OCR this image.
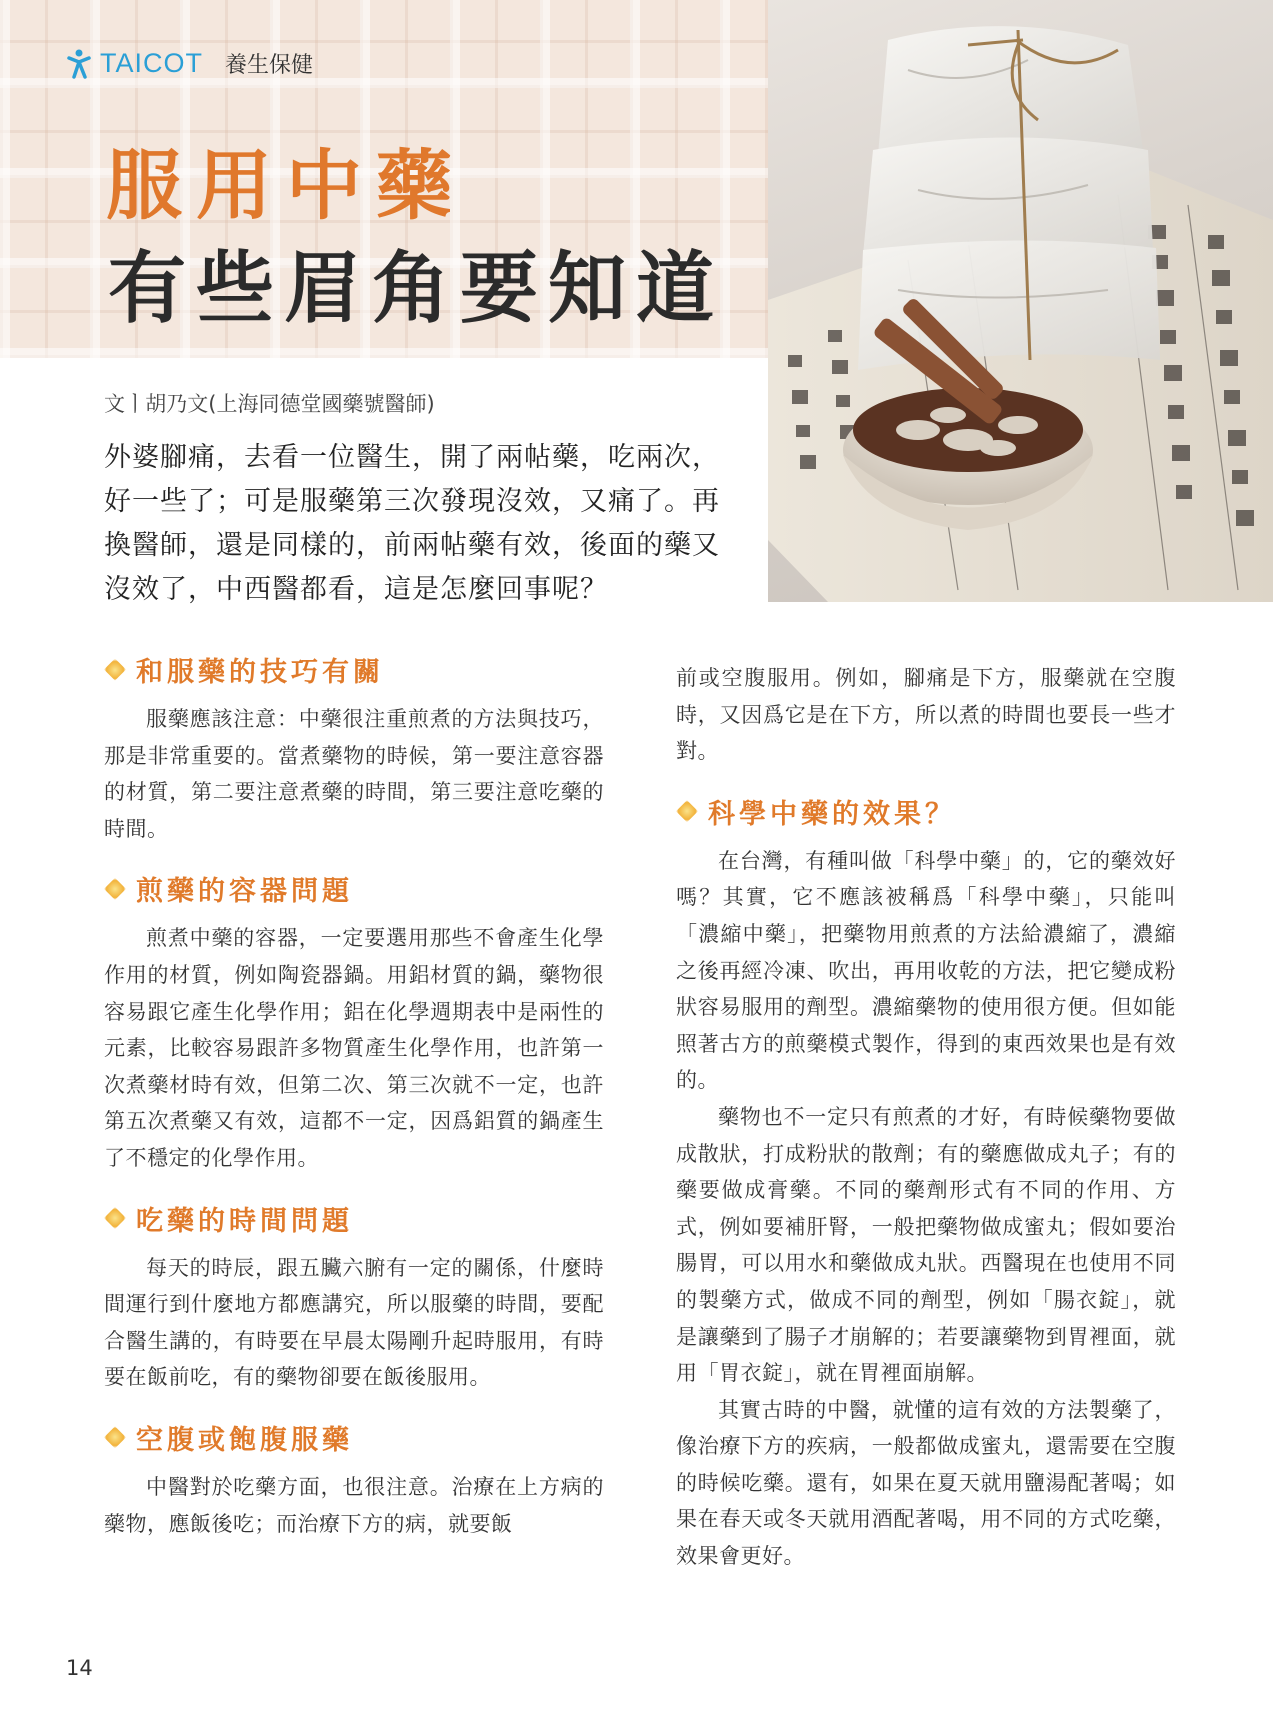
TAICOT 養生保健
服用中藥
有些眉角要知道
文ㅣ胡乃文(上海同德堂國藥號醫師)
外婆腳痛，去看一位醫生，開了兩帖藥，吃兩次，好一些了；可是服藥第三次發現沒效，又痛了。再換醫師，還是同樣的，前兩帖藥有效，後面的藥又沒效了，中西醫都看，這是怎麼回事呢？
和服藥的技巧有關

服藥應該注意：中藥很注重煎煮的方法與技巧，那是非常重要的。當煮藥物的時候，第一要注意容器的材質，第二要注意煮藥的時間，第三要注意吃藥的時間。

煎藥的容器問題

煎煮中藥的容器，一定要選用那些不會產生化學作用的材質，例如陶瓷器鍋。用鋁材質的鍋，藥物很容易跟它產生化學作用；鋁在化學週期表中是兩性的元素，比較容易跟許多物質產生化學作用，也許第一次煮藥材時有效，但第二次、第三次就不一定，也許第五次煮藥又有效，這都不一定，因爲鋁質的鍋產生了不穩定的化學作用。

吃藥的時間問題

每天的時辰，跟五臟六腑有一定的關係，什麼時間運行到什麼地方都應講究，所以服藥的時間，要配合醫生講的，有時要在早晨太陽剛升起時服用，有時要在飯前吃，有的藥物卻要在飯後服用。

空腹或飽腹服藥

中醫對於吃藥方面，也很注意。治療在上方病的藥物，應飯後吃；而治療下方的病，就要飯

前或空腹服用。例如，腳痛是下方，服藥就在空腹時，又因爲它是在下方，所以煮的時間也要長一些才對。

科學中藥的效果？

在台灣，有種叫做「科學中藥」的，它的藥效好嗎？其實，它不應該被稱爲「科學中藥」，只能叫「濃縮中藥」，把藥物用煎煮的方法給濃縮了，濃縮之後再經冷凍、吹出，再用收乾的方法，把它變成粉狀容易服用的劑型。濃縮藥物的使用很方便。但如能照著古方的煎藥模式製作，得到的東西效果也是有效的。

藥物也不一定只有煎煮的才好，有時候藥物要做成散狀，打成粉狀的散劑；有的藥應做成丸子；有的藥要做成膏藥。不同的藥劑形式有不同的作用、方式，例如要補肝腎，一般把藥物做成蜜丸；假如要治腸胃，可以用水和藥做成丸狀。西醫現在也使用不同的製藥方式，做成不同的劑型，例如「腸衣錠」，就是讓藥到了腸子才崩解的；若要讓藥物到胃裡面，就用「胃衣錠」，就在胃裡面崩解。

其實古時的中醫，就懂的這有效的方法製藥了，像治療下方的疾病，一般都做成蜜丸，還需要在空腹的時候吃藥。還有，如果在夏天就用鹽湯配著喝；如果在春天或冬天就用酒配著喝，用不同的方式吃藥，效果會更好。

14
